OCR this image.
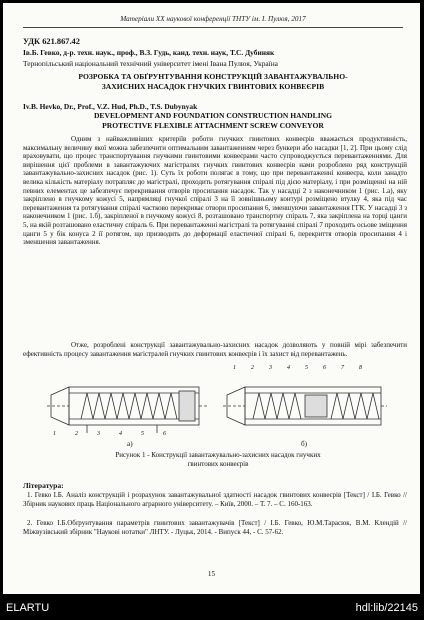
Матеріали XX наукової конференції ТНТУ ім. І. Пулюя, 2017
УДК 621.867.42
Ів.Б. Гевко, д-р. техн. наук., проф., В.З. Гудь, канд. техн. наук, Т.С. Дубиняк
Тернопільський національний технічний університет імені Івана Пулюя, Україна
РОЗРОБКА ТА ОБҐРУНТУВАННЯ КОНСТРУКЦІЙ ЗАВАНТАЖУВАЛЬНО-
ЗАХИСНИХ НАСАДОК ГНУЧКИХ ГВИНТОВИХ КОНВЕЄРІВ
Iv.B. Hevko, Dr., Prof., V.Z. Hud, Ph.D., T.S. Dubynyak
DEVELOPMENT AND FOUNDATION CONSTRUCTION HANDLING
PROTECTIVE FLEXIBLE ATTACHMENT SCREW CONVEYOR

Одним з найважливіших критеріїв роботи гнучких гвинтових конвеєрів вважається продуктивність, максимальну величину якої можна забезпечити оптимальним завантаженням через бункери або насадки [1, 2]. При цьому слід враховувати, що процес транспортування гнучкими гвинтовими конвеєрами часто супроводжується перевантаженнями. Для вирішення цієї проблеми в завантажуючих магістралях гнучких гвинтових конвеєрів нами розроблено ряд конструкцій завантажувально-захисних насадок (рис. 1). Суть їх роботи полягає в тому, що при перевантаженні конвеєра, коли занадто велика кількість матеріалу потрапляє до магістралі, проходить ротягування спіралі під дією матеріалу, і при розміщенні на ній певних елементах це забезпечує перекривання отворів просипання насадок. Так у насадці 2 з наконечником 1 (рис. 1.а), яку закріплено в гнучкому кожусі 5, напрямляці гнучкої спіралі 3 на її зовнішньому контурі розміщено втулку 4, яка під час перевантаження та ротягування спіралі частково перекриває отвори просипання 6, зменшуючи завантаження ГГК. У насадці 3 з наконечником 1 (рис. 1.б), закріпленої в гнучкому кожусі 8, розташовано транспортну спіраль 7, яка закріплена на торці цанги 5, на якій розташовано еластичну спіраль 6. При перевантаженні магістралі та ротягуванні спіралі 7 проходить осьове зміщення цанги 5 у бік конуса 2 її ротягом, що призводить до деформації еластичної спіралі 6, перекриття отворів просипання 4 і зменшення завантаження.

Отже, розроблені конструкції завантажувально-захисних насадок дозволяють у повній мірі забезпечити ефективність процесу завантаження магістралей гнучких гвинтових конвеєрів і їх захист від перевантажень.

1	2	3	4	5	6
1	2	3	4	5	6	7	8
а)	б)
Рисунок 1 - Конструкції завантажувально-захисних насадок гнучких
гвинтових конвеєрів
Література:

1. Гевко І.Б. Аналіз конструкцій і розрахунок завантажувальної здатності насадок гвинтових конвеєрів [Текст] / І.Б. Гевко // Збірник наукових праць Національного аграрного університету. – Київ, 2000. – Т. 7. – С. 160-163.

2. Гевко І.Б.Обґрунтування параметрів гвинтових завантажувачів [Текст] / І.Б. Гевко, Ю.М.Тарасюк, В.М. Клендій // Міжвузівський збірник "Наукові нотатки" ЛНТУ. - Луцьк, 2014. - Випуск 44, - С. 57-62.

15
ELARTU	hdl:lib/22145
